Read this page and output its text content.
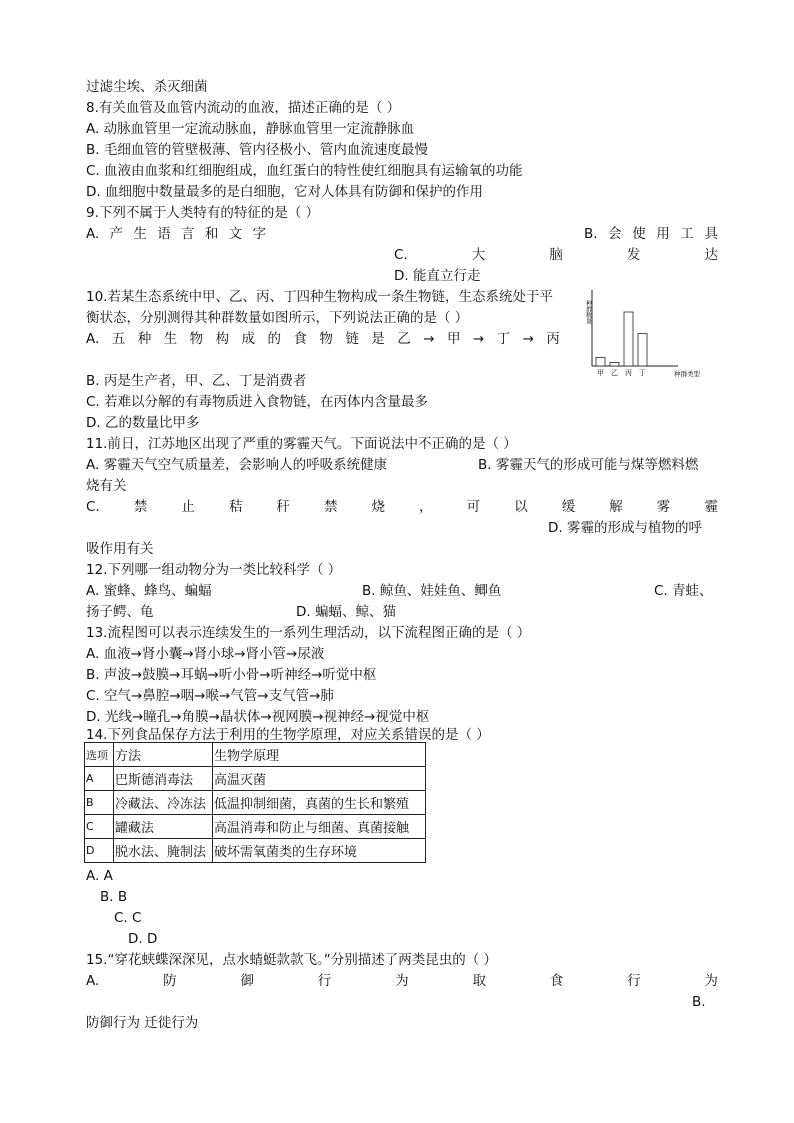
过滤尘埃、杀灭细菌
8.有关血管及血管内流动的血液，描述正确的是（ ）
A. 动脉血管里一定流动脉血，静脉血管里一定流静脉血
B. 毛细血管的管壁极薄、管内径极小、管内血流速度最慢
C. 血液由血浆和红细胞组成，血红蛋白的特性使红细胞具有运输氧的功能
D. 血细胞中数量最多的是白细胞，它对人体具有防御和保护的作用
9.下列不属于人类特有的特征的是（ ）
A. 产 生 语 言 和 文 字	B. 会 使 用 工 具
C.	大	脑	发	达
D. 能直立行走
10.若某生态系统中甲、乙、丙、丁四种生物构成一条生物链，生态系统处于平
衡状态，分别测得其种群数量如图所示，下列说法正确的是（ ）
A. 五 种 生 物 构 成 的 食 物 链 是 乙 → 甲 → 丁 → 丙
种群数量
种群类型
甲 乙 丙 丁
B. 丙是生产者，甲、乙、丁是消费者
C. 若难以分解的有毒物质进入食物链，在丙体内含量最多
D. 乙的数量比甲多
11.前日，江苏地区出现了严重的雾霾天气。下面说法中不正确的是（ ）
A. 雾霾天气空气质量差，会影响人的呼吸系统健康	B. 雾霾天气的形成可能与煤等燃料燃
烧有关
C.	禁	止	秸	秆	禁	烧	，	可	以	缓	解	雾	霾
D. 雾霾的形成与植物的呼
吸作用有关
12.下列哪一组动物分为一类比较科学（ ）
A. 蜜蜂、蜂鸟、蝙蝠	B. 鲸鱼、娃娃鱼、鲫鱼	C. 青蛙、
扬子鳄、龟	D. 蝙蝠、鲸、猫
13.流程图可以表示连续发生的一系列生理活动，以下流程图正确的是（ ）
A. 血液→肾小囊→肾小球→肾小管→尿液
B. 声波→鼓膜→耳蜗→听小骨→听神经→听觉中枢
C. 空气→鼻腔→咽→喉→气管→支气管→肺
D. 光线→瞳孔→角膜→晶状体→视网膜→视神经→视觉中枢
14.下列食品保存方法于利用的生物学原理，对应关系错误的是（ ）
选项	方法	生物学原理
A	巴斯德消毒法	高温灭菌
B	冷藏法、冷冻法	低温抑制细菌，真菌的生长和繁殖
C	罐藏法	高温消毒和防止与细菌、真菌接触
D	脱水法、腌制法	破坏需氧菌类的生存环境
A. A
B. B
C. C
D. D
15.“穿花蛱蝶深深见，点水蜻蜓款款飞。”分别描述了两类昆虫的（ ）
A.	防	御	行	为	取	食	行	为
B.
防御行为 迁徙行为
